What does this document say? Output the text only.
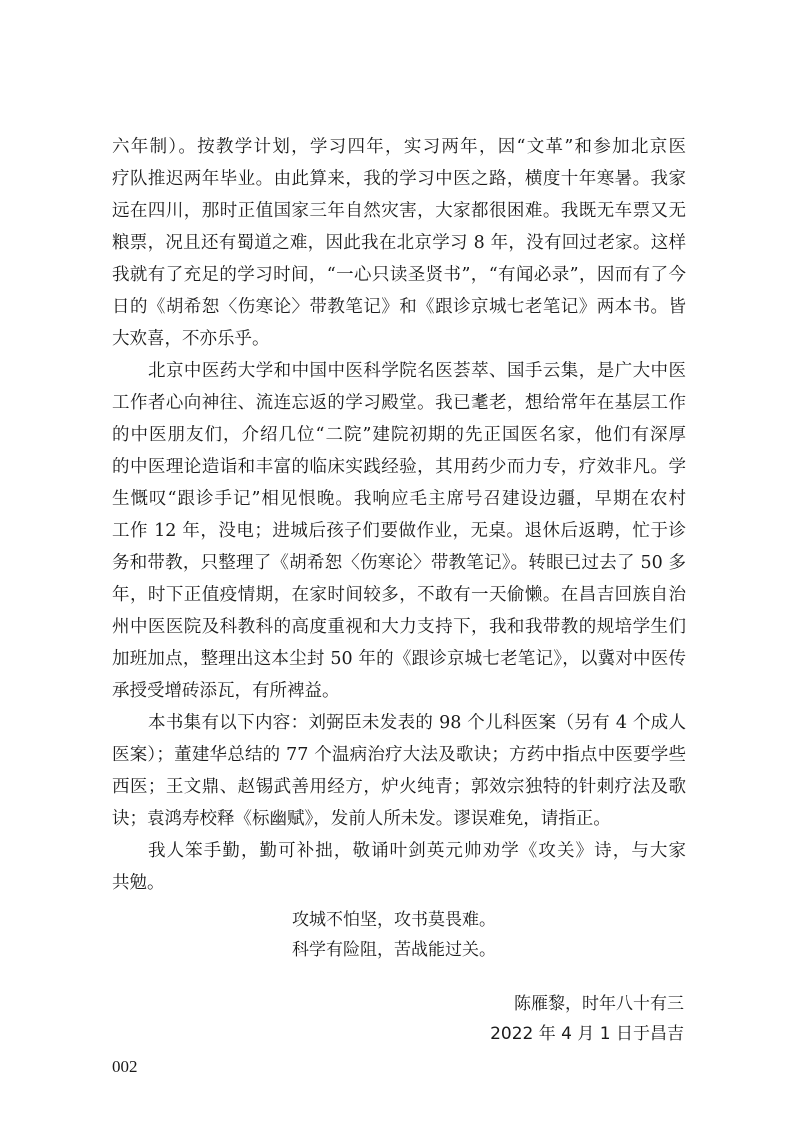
六年制）。按教学计划，学习四年，实习两年，因“文革”和参加北京医
疗队推迟两年毕业。由此算来，我的学习中医之路，横度十年寒暑。我家
远在四川，那时正值国家三年自然灾害，大家都很困难。我既无车票又无
粮票，况且还有蜀道之难，因此我在北京学习 8 年，没有回过老家。这样
我就有了充足的学习时间，“一心只读圣贤书”，“有闻必录”，因而有了今
日的《胡希恕〈伤寒论〉带教笔记》和《跟诊京城七老笔记》两本书。皆
大欢喜，不亦乐乎。
北京中医药大学和中国中医科学院名医荟萃、国手云集，是广大中医
工作者心向神往、流连忘返的学习殿堂。我已耄老，想给常年在基层工作
的中医朋友们，介绍几位“二院”建院初期的先正国医名家，他们有深厚
的中医理论造诣和丰富的临床实践经验，其用药少而力专，疗效非凡。学
生慨叹“跟诊手记”相见恨晚。我响应毛主席号召建设边疆，早期在农村
工作 12 年，没电；进城后孩子们要做作业，无桌。退休后返聘，忙于诊
务和带教，只整理了《胡希恕〈伤寒论〉带教笔记》。转眼已过去了 50 多
年，时下正值疫情期，在家时间较多，不敢有一天偷懒。在昌吉回族自治
州中医医院及科教科的高度重视和大力支持下，我和我带教的规培学生们
加班加点，整理出这本尘封 50 年的《跟诊京城七老笔记》，以冀对中医传
承授受增砖添瓦，有所裨益。
本书集有以下内容：刘弼臣未发表的 98 个儿科医案（另有 4 个成人
医案）；董建华总结的 77 个温病治疗大法及歌诀；方药中指点中医要学些
西医；王文鼎、赵锡武善用经方，炉火纯青；郭效宗独特的针刺疗法及歌
诀；袁鸿寿校释《标幽赋》，发前人所未发。谬误难免，请指正。
我人笨手勤，勤可补拙，敬诵叶剑英元帅劝学《攻关》诗，与大家
共勉。
攻城不怕坚，攻书莫畏难。
科学有险阻，苦战能过关。
陈雁黎，时年八十有三
2022 年 4 月 1 日于昌吉
002
